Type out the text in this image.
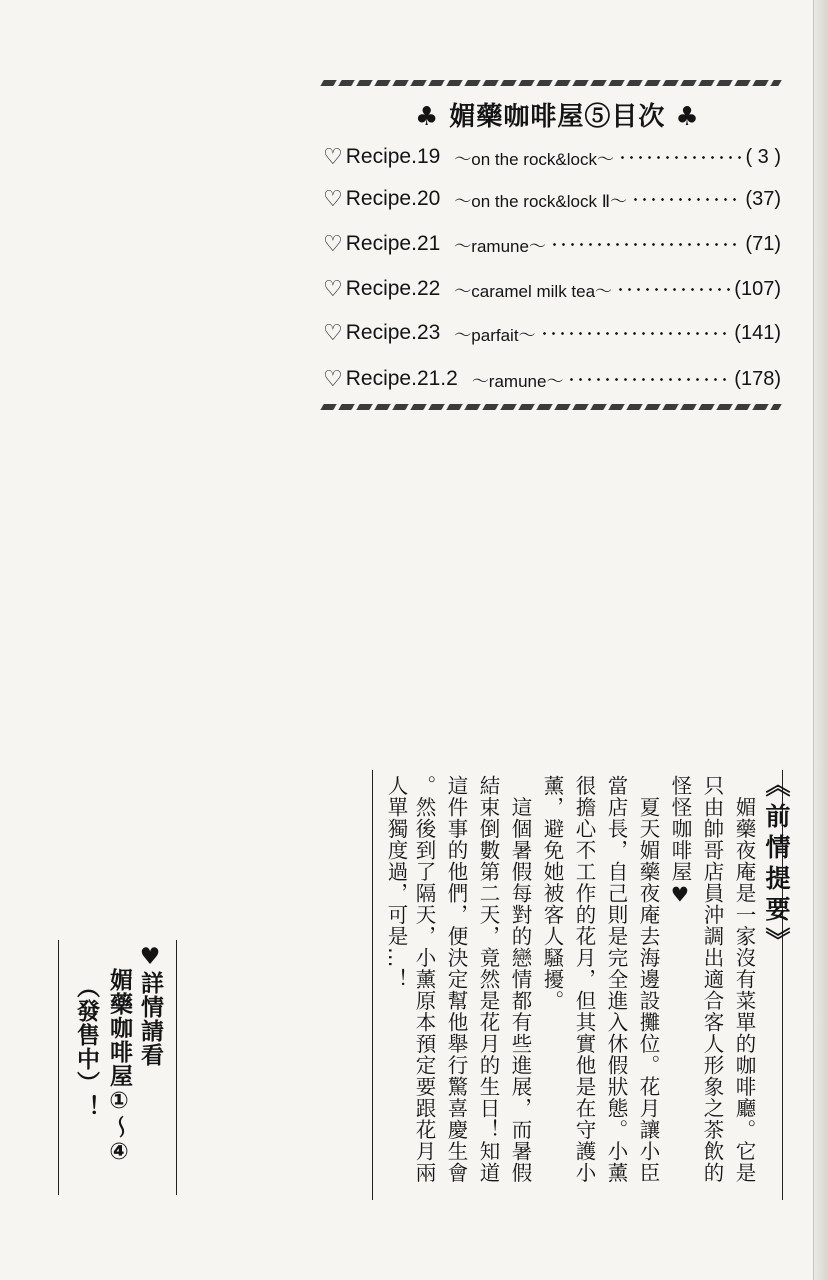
♣ 媚藥咖啡屋⑤目次 ♣
♡ Recipe.19 ～on the rock&lock～	( 3 )
♡ Recipe.20 ～on the rock&lock Ⅱ～	(37)
♡ Recipe.21 ～ramune～	(71)
♡ Recipe.22 ～caramel milk tea～	(107)
♡ Recipe.23 ～parfait～	(141)
♡ Recipe.21.2 ～ramune～	(178)
《前情提要》
　媚藥夜庵是一家沒有菜單的咖啡廳。它是
只由帥哥店員沖調出適合客人形象之茶飲的
怪怪咖啡屋♥
　夏天媚藥夜庵去海邊設攤位。花月讓小臣
當店長，自己則是完全進入休假狀態。小薰
很擔心不工作的花月，但其實他是在守護小
薰，避免她被客人騷擾。
　這個暑假每對的戀情都有些進展，而暑假
結束倒數第二天，竟然是花月的生日！知道
這件事的他們，便決定幫他舉行驚喜慶生會
。然後到了隔天，小薰原本預定要跟花月兩
人單獨度過，可是…！
♥詳情請看
媚藥咖啡屋①～④
（發售中）！
